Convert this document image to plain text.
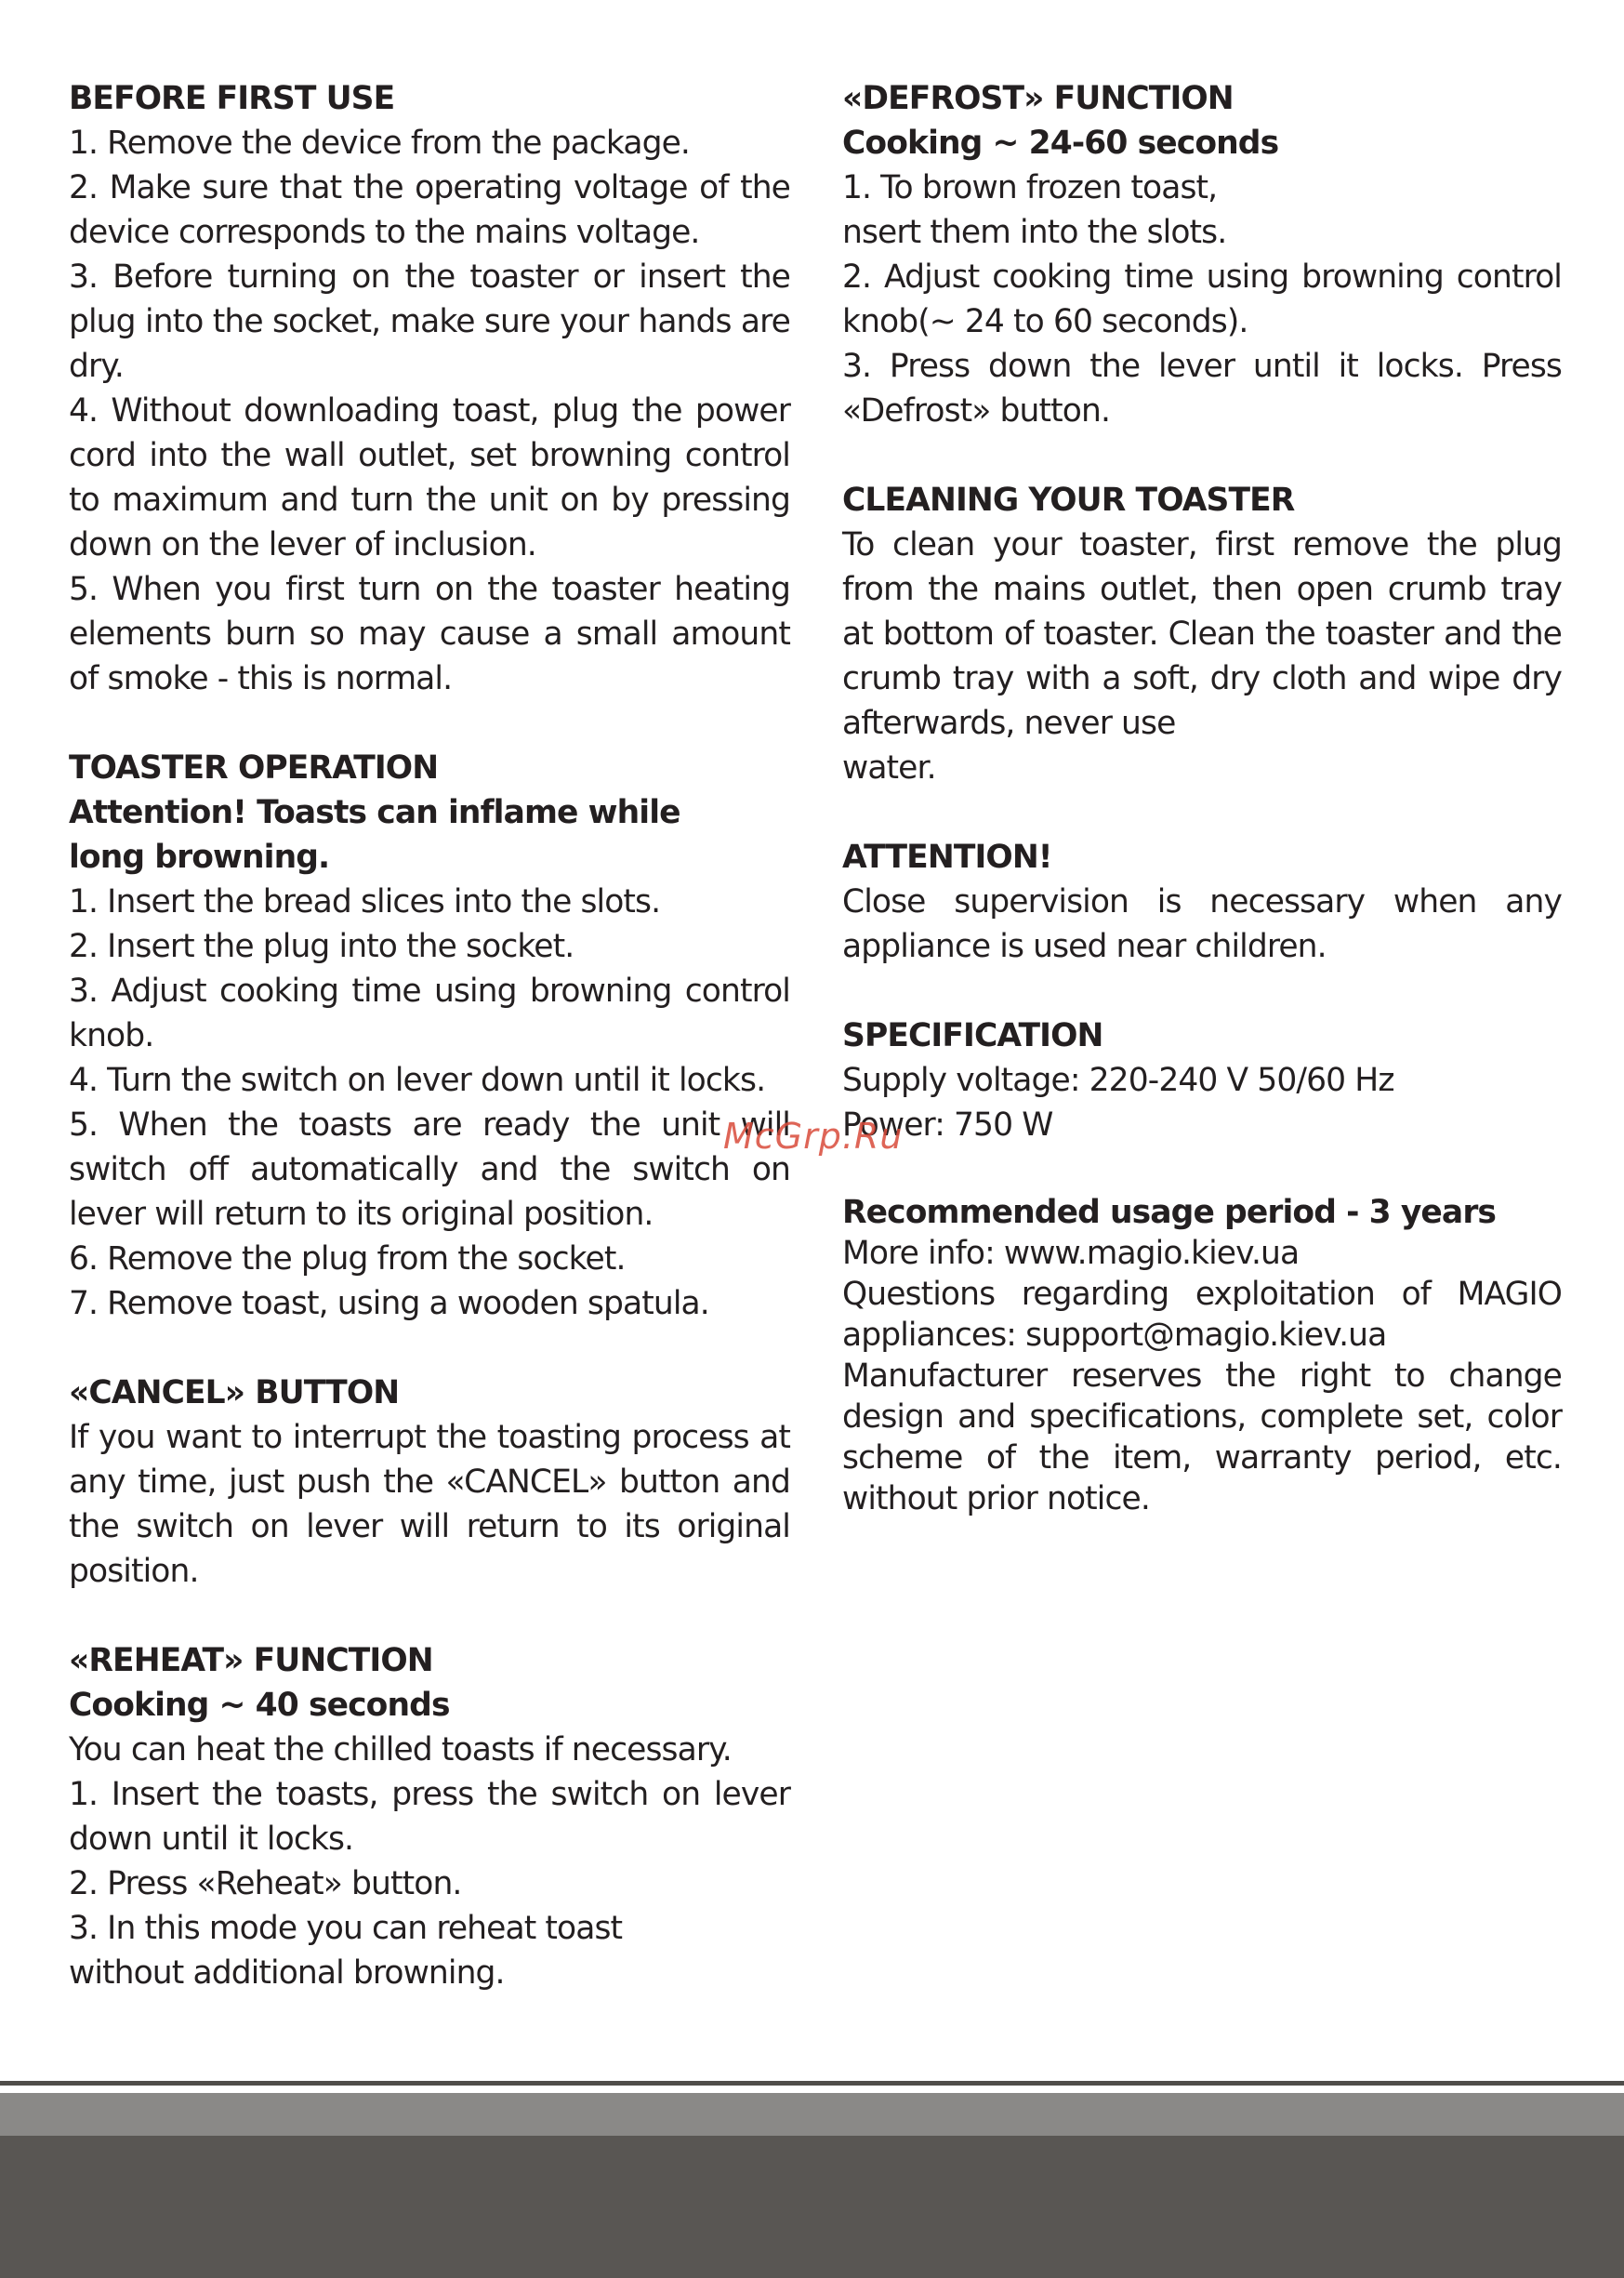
BEFORE FIRST USE

1. Remove the device from the package.

2. Make sure that the operating voltage of the device corresponds to the mains voltage.

3. Before turning on the toaster or insert the plug into the socket, make sure your hands are dry.

4. Without downloading toast, plug the power cord into the wall outlet, set browning control to maximum and turn the unit on by pressing down on the lever of inclusion.

5. When you first turn on the toaster heating elements burn so may cause a small amount of smoke - this is normal.

TOASTER OPERATION

Attention! Toasts can inflame while

long browning.

1. Insert the bread slices into the slots.

2. Insert the plug into the socket.

3. Adjust cooking time using browning control knob.

4. Turn the switch on lever down until it locks.

5. When the toasts are ready the unit will switch off automatically and the switch on lever will return to its original position.

6. Remove the plug from the socket.

7. Remove toast, using a wooden spatula.

«CANCEL» BUTTON

If you want to interrupt the toasting process at any time, just push the «CANCEL» button and the switch on lever will return to its original position.

«REHEAT» FUNCTION

Cooking ~ 40 seconds

You can heat the chilled toasts if necessary.

1. Insert the toasts, press the switch on lever down until it locks.

2. Press «Reheat» button.

3. In this mode you can reheat toast

without additional browning.

«DEFROST» FUNCTION

Cooking ~ 24-60 seconds

1. To brown frozen toast,

nsert them into the slots.

2. Adjust cooking time using browning control knob(~ 24 to 60 seconds).

3. Press down the lever until it locks. Press «Defrost» button.

CLEANING YOUR TOASTER

To clean your toaster, first remove the plug from the mains outlet, then open crumb tray at bottom of toaster. Clean the toaster and the crumb tray with a soft, dry cloth and wipe dry afterwards, never use

water.

ATTENTION!

Close supervision is necessary when any appliance is used near children.

SPECIFICATION

Supply voltage: 220-240 V 50/60 Hz

Power: 750 W

Recommended usage period - 3 years

More info: www.magio.kiev.ua

Questions regarding exploitation of MAGIO appliances: support@magio.kiev.ua

Manufacturer reserves the right to change design and specifications, complete set, color scheme of the item, warranty period, etc. without prior notice.

McGrp.Ru
